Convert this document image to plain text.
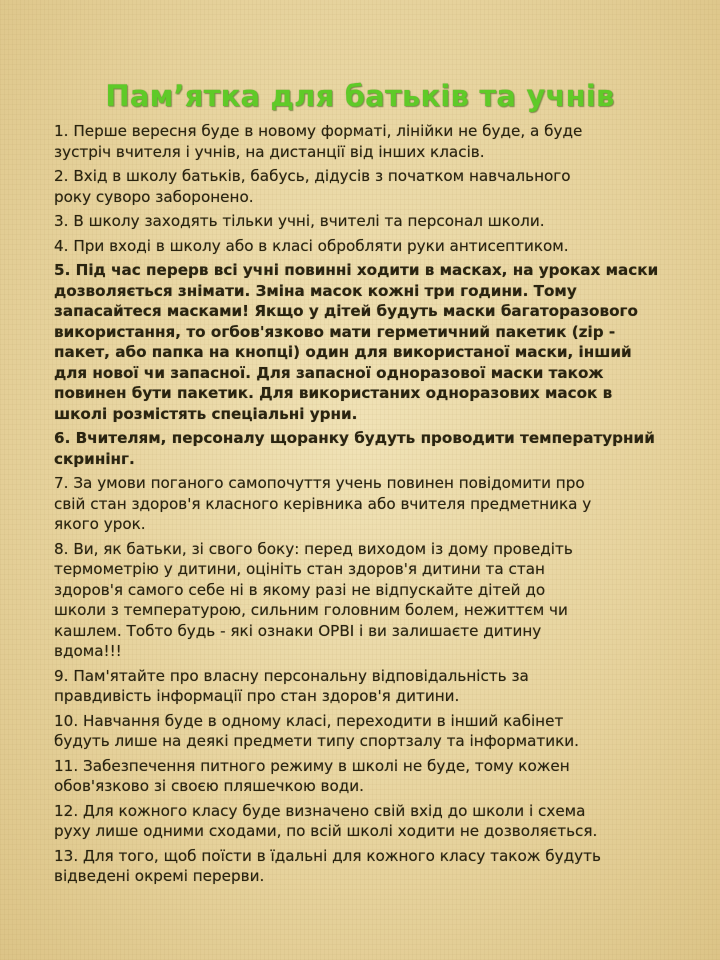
Пам’ятка для батьків та учнів
1. Перше вересня буде в новому форматі, лінійки не буде, а буде
зустріч вчителя і учнів, на дистанції від інших класів.
2. Вхід в школу батьків, бабусь, дідусів з початком навчального
року суворо заборонено.
3. В школу заходять тільки учні, вчителі та персонал школи.
4. При вході в школу або в класі обробляти руки антисептиком.
5. Під час перерв всі учні повинні ходити в масках, на уроках маски
дозволяється знімати. Зміна масок кожні три години. Тому
запасайтеся масками! Якщо у дітей будуть маски багаторазового
використання, то огбов'язково мати герметичний пакетик (zip -
пакет, або папка на кнопці) один для використаної маски, інший
для нової чи запасної. Для запасної одноразової маски також
повинен бути пакетик. Для використаних одноразових масок в
школі розмістять спеціальні урни.
6. Вчителям, персоналу щоранку будуть проводити температурний
скринінг.
7. За умови поганого самопочуття учень повинен повідомити про
свій стан здоров'я класного керівника або вчителя предметника у
якого урок.
8. Ви, як батьки, зі свого боку: перед виходом із дому проведіть
термометрію у дитини, оцініть стан здоров'я дитини та стан
здоров'я самого себе ні в якому разі не відпускайте дітей до
школи з температурою, сильним головним болем, нежиттєм чи
кашлем. Тобто будь - які ознаки ОРВІ і ви залишаєте дитину
вдома!!!
9. Пам'ятайте про власну персональну відповідальність за
правдивість інформації про стан здоров'я дитини.
10. Навчання буде в одному класі, переходити в інший кабінет
будуть лише на деякі предмети типу спортзалу та інформатики.
11. Забезпечення питного режиму в школі не буде, тому кожен
обов'язково зі своєю пляшечкою води.
12. Для кожного класу буде визначено свій вхід до школи і схема
руху лише одними сходами, по всій школі ходити не дозволяється.
13. Для того, щоб поїсти в їдальні для кожного класу також будуть
відведені окремі перерви.
